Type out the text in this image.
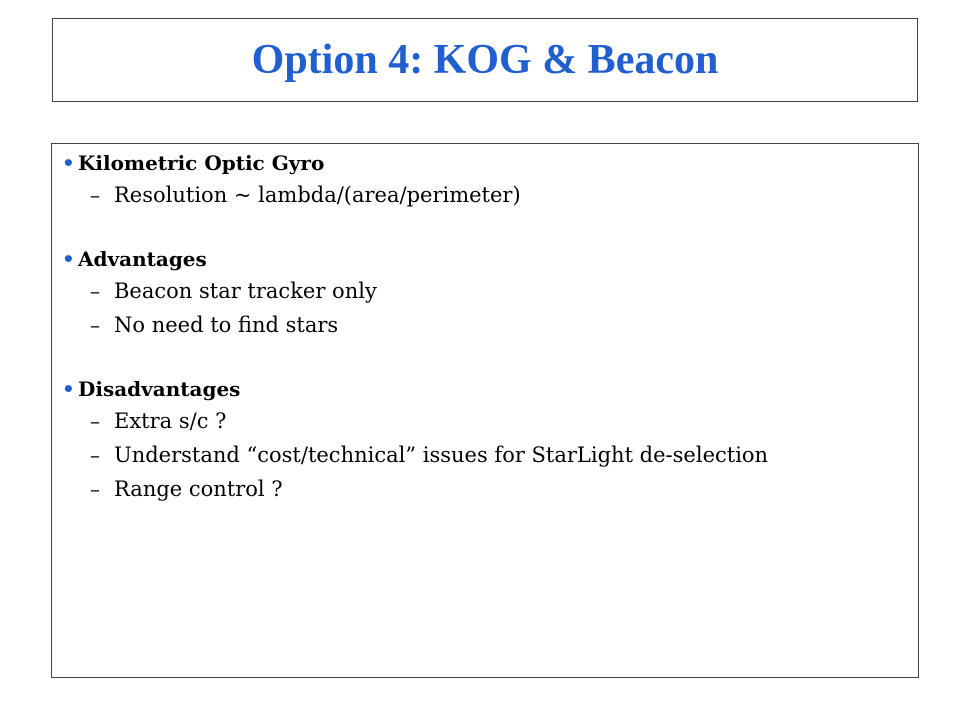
Option 4: KOG & Beacon
• Kilometric Optic Gyro
– Resolution ~ lambda/(area/perimeter)
• Advantages
– Beacon star tracker only
– No need to find stars
• Disadvantages
– Extra s/c ?
– Understand “cost/technical” issues for StarLight de-selection
– Range control ?
